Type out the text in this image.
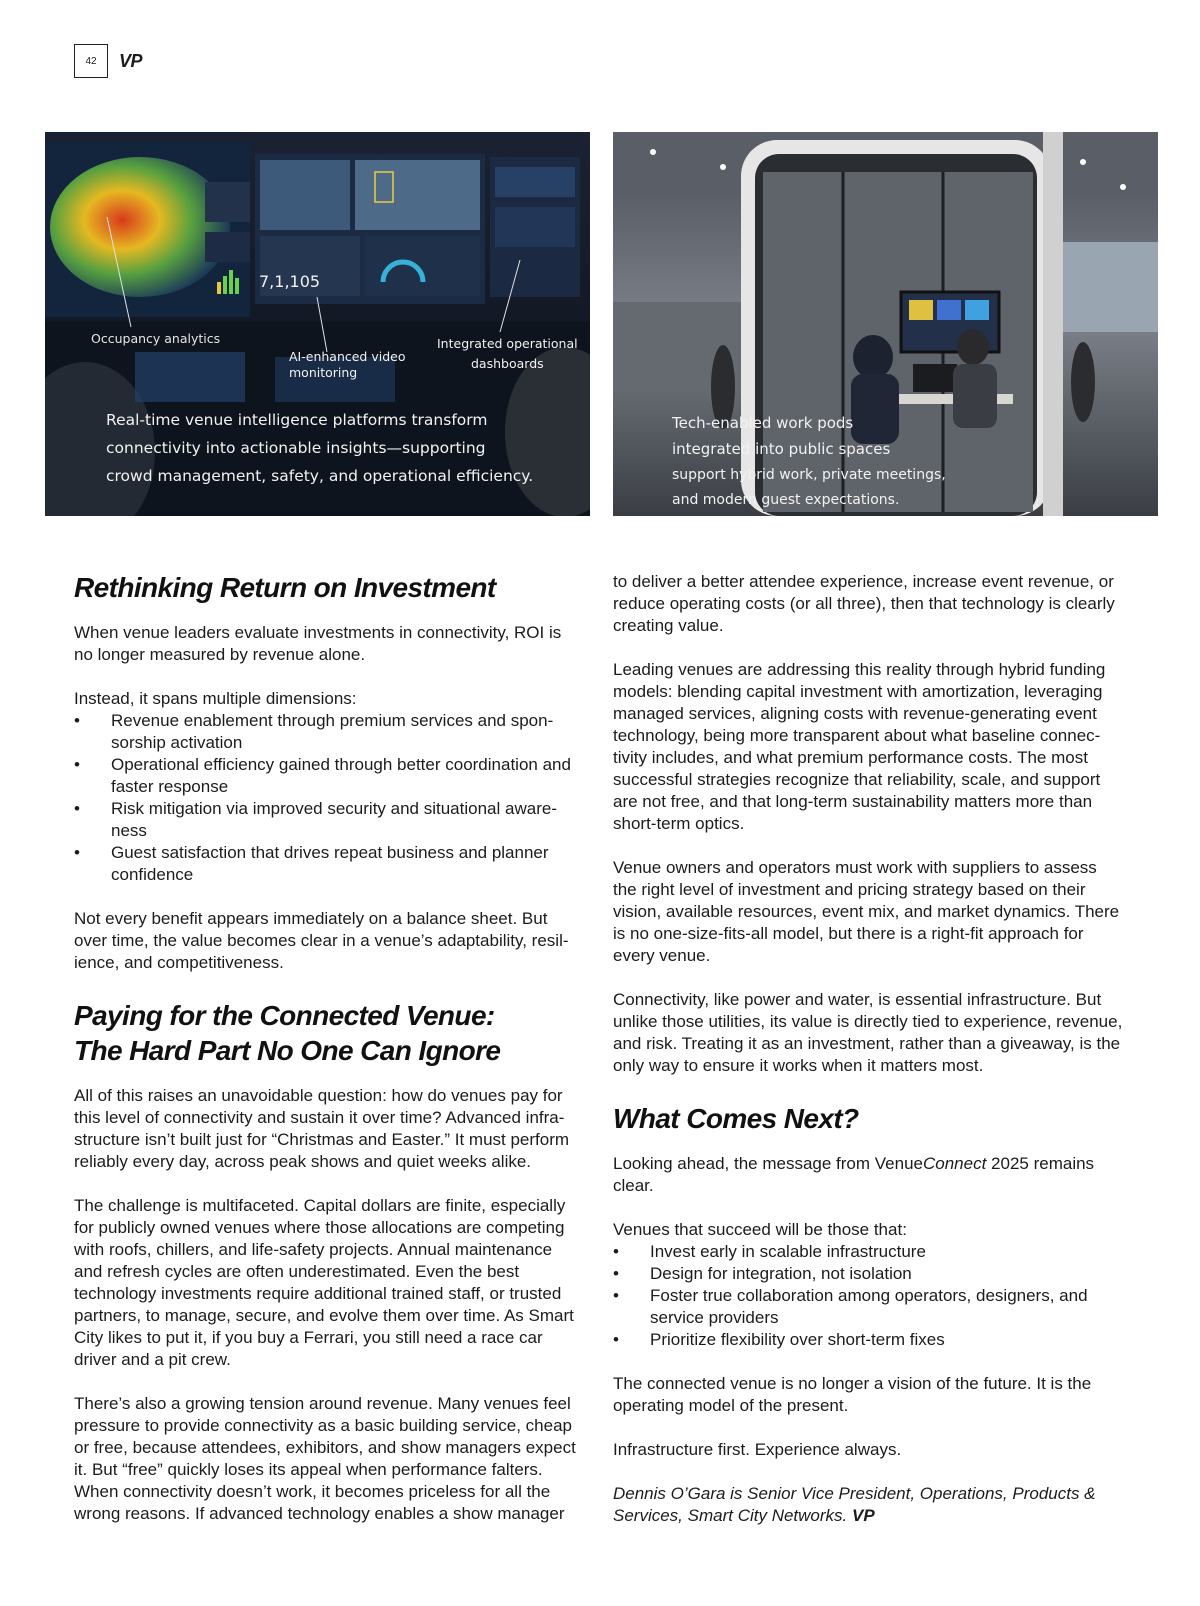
42	VP
Occupancy analytics
7,1,105
AI-enhanced video
monitoring
Integrated operational
dashboards
Real-time venue intelligence platforms transform
connectivity into actionable insights—supporting
crowd management, safety, and operational efficiency.
Tech-enabled work pods
integrated into public spaces
support hybrid work, private meetings,
and modern guest expectations.
Rethinking Return on Investment

When venue leaders evaluate investments in connectivity, ROI is no longer measured by revenue alone.

Instead, it spans multiple dimensions:

• Revenue enablement through premium services and sponsorship activation
• Operational efficiency gained through better coordination and faster response
• Risk mitigation via improved security and situational awareness
• Guest satisfaction that drives repeat business and planner confidence

Not every benefit appears immediately on a balance sheet. But over time, the value becomes clear in a venue’s adaptability, resilience, and competitiveness.

Paying for the Connected Venue:
The Hard Part No One Can Ignore

All of this raises an unavoidable question: how do venues pay for this level of connectivity and sustain it over time? Advanced infrastructure isn’t built just for “Christmas and Easter.” It must perform reliably every day, across peak shows and quiet weeks alike.

The challenge is multifaceted. Capital dollars are finite, especially for publicly owned venues where those allocations are competing with roofs, chillers, and life-safety projects. Annual maintenance and refresh cycles are often underestimated. Even the best technology investments require additional trained staff, or trusted partners, to manage, secure, and evolve them over time. As Smart City likes to put it, if you buy a Ferrari, you still need a race car driver and a pit crew.

There’s also a growing tension around revenue. Many venues feel pressure to provide connectivity as a basic building service, cheap or free, because attendees, exhibitors, and show managers expect it. But “free” quickly loses its appeal when performance falters. When connectivity doesn’t work, it becomes priceless for all the wrong reasons. If advanced technology enables a show manager

to deliver a better attendee experience, increase event revenue, or reduce operating costs (or all three), then that technology is clearly creating value.

Leading venues are addressing this reality through hybrid funding models: blending capital investment with amortization, leveraging managed services, aligning costs with revenue-generating event technology, being more transparent about what baseline connectivity includes, and what premium performance costs. The most successful strategies recognize that reliability, scale, and support are not free, and that long-term sustainability matters more than short-term optics.

Venue owners and operators must work with suppliers to assess the right level of investment and pricing strategy based on their vision, available resources, event mix, and market dynamics. There is no one-size-fits-all model, but there is a right-fit approach for every venue.

Connectivity, like power and water, is essential infrastructure. But unlike those utilities, its value is directly tied to experience, revenue, and risk. Treating it as an investment, rather than a giveaway, is the only way to ensure it works when it matters most.

What Comes Next?

Looking ahead, the message from VenueConnect 2025 remains clear.

Venues that succeed will be those that:

• Invest early in scalable infrastructure
• Design for integration, not isolation
• Foster true collaboration among operators, designers, and service providers
• Prioritize flexibility over short-term fixes

The connected venue is no longer a vision of the future. It is the operating model of the present.

Infrastructure first. Experience always.

Dennis O’Gara is Senior Vice President, Operations, Products & Services, Smart City Networks. VP
